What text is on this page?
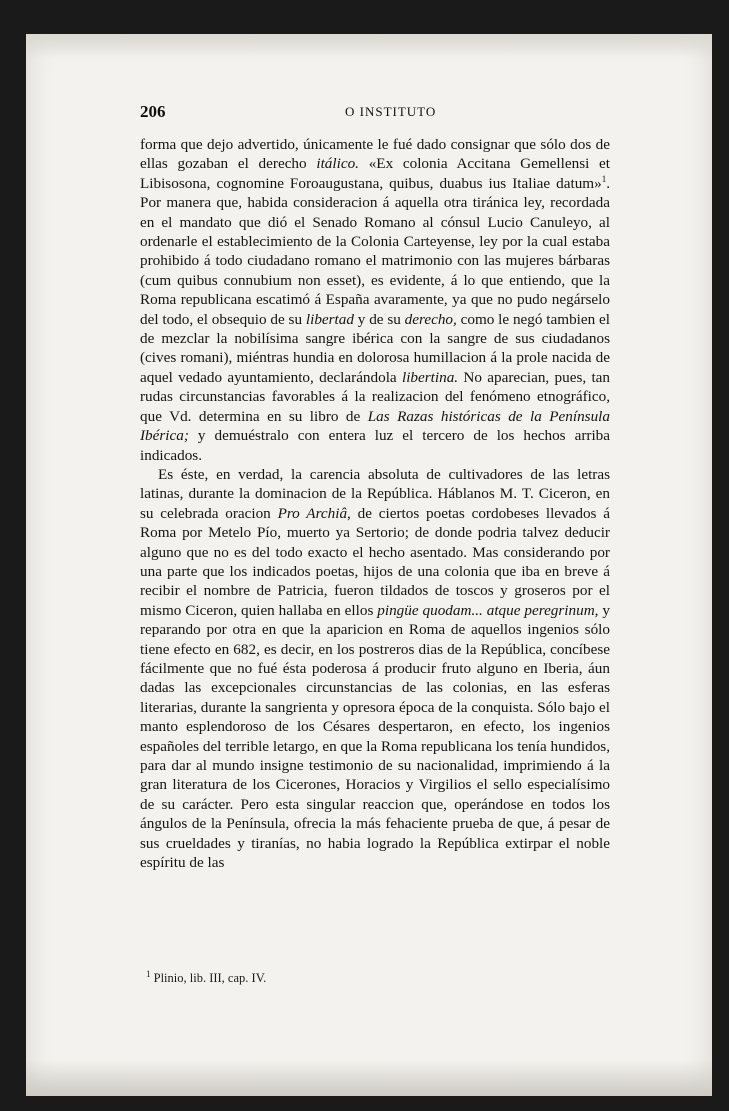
206	O INSTITUTO

forma que dejo advertido, únicamente le fué dado consignar que sólo dos de ellas gozaban el derecho itálico. «Ex colonia Accitana Gemellensi et Libisosona, cognomine Foroaugustana, quibus, duabus ius Italiae datum»$^1$. Por manera que, habida consideracion á aquella otra tiránica ley, recordada en el mandato que dió el Senado Romano al cónsul Lucio Canuleyo, al ordenarle el establecimiento de la Colonia Carteyense, ley por la cual estaba prohibido á todo ciudadano romano el matrimonio con las mujeres bárbaras (cum quibus connubium non esset), es evidente, á lo que entiendo, que la Roma republicana escatimó á España avaramente, ya que no pudo negárselo del todo, el obsequio de su libertad y de su derecho, como le negó tambien el de mezclar la nobilísima sangre ibérica con la sangre de sus ciudadanos (cives romani), miéntras hundia en dolorosa humillacion á la prole nacida de aquel vedado ayuntamiento, declarándola libertina. No aparecian, pues, tan rudas circunstancias favorables á la realizacion del fenómeno etnográfico, que Vd. determina en su libro de Las Razas históricas de la Península Ibérica; y demuéstralo con entera luz el tercero de los hechos arriba indicados.

Es éste, en verdad, la carencia absoluta de cultivadores de las letras latinas, durante la dominacion de la República. Háblanos M. T. Ciceron, en su celebrada oracion Pro Archiâ, de ciertos poetas cordobeses llevados á Roma por Metelo Pío, muerto ya Sertorio; de donde podria talvez deducir alguno que no es del todo exacto el hecho asentado. Mas considerando por una parte que los indicados poetas, hijos de una colonia que iba en breve á recibir el nombre de Patricia, fueron tildados de toscos y groseros por el mismo Ciceron, quien hallaba en ellos pingüe quodam... atque peregrinum, y reparando por otra en que la aparicion en Roma de aquellos ingenios sólo tiene efecto en 682, es decir, en los postreros dias de la República, concíbese fácilmente que no fué ésta poderosa á producir fruto alguno en Iberia, áun dadas las excepcionales circunstancias de las colonias, en las esferas literarias, durante la sangrienta y opresora época de la conquista. Sólo bajo el manto esplendoroso de los Césares despertaron, en efecto, los ingenios españoles del terrible letargo, en que la Roma republicana los tenía hundidos, para dar al mundo insigne testimonio de su nacionalidad, imprimiendo á la gran literatura de los Cicerones, Horacios y Virgilios el sello especialísimo de su carácter. Pero esta singular reaccion que, operándose en todos los ángulos de la Península, ofrecia la más fehaciente prueba de que, á pesar de sus crueldades y tiranías, no habia logrado la República extirpar el noble espíritu de las

$^1$ Plinio, lib. III, cap. IV.
